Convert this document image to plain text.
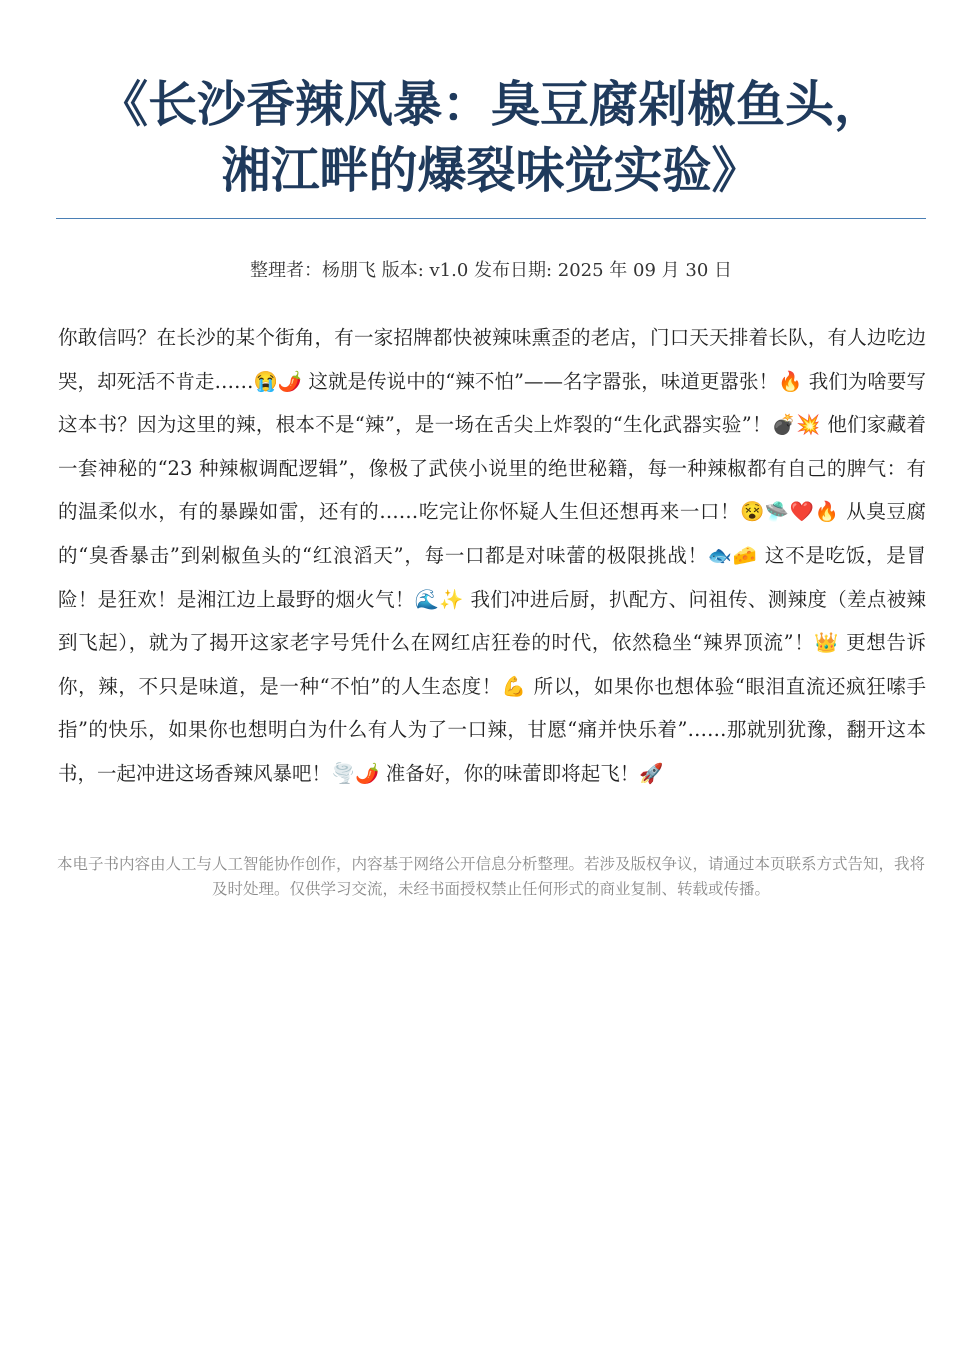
《长沙香辣风暴：臭豆腐剁椒鱼头，
湘江畔的爆裂味觉实验》
整理者：杨朋飞 版本: v1.0 发布日期: 2025 年 09 月 30 日

你敢信吗？在长沙的某个街角，有一家招牌都快被辣味熏歪的老店，门口天天排着长队，有人边吃边哭，却死活不肯走……😭🌶️ 这就是传说中的“辣不怕”——名字嚣张，味道更嚣张！🔥 我们为啥要写这本书？因为这里的辣，根本不是“辣”，是一场在舌尖上炸裂的“生化武器实验”！💣💥 他们家藏着一套神秘的“23 种辣椒调配逻辑”，像极了武侠小说里的绝世秘籍，每一种辣椒都有自己的脾气：有的温柔似水，有的暴躁如雷，还有的……吃完让你怀疑人生但还想再来一口！😵🛸❤️🔥 从臭豆腐的“臭香暴击”到剁椒鱼头的“红浪滔天”，每一口都是对味蕾的极限挑战！🐟🧀 这不是吃饭，是冒险！是狂欢！是湘江边上最野的烟火气！🌊✨ 我们冲进后厨，扒配方、问祖传、测辣度（差点被辣到飞起），就为了揭开这家老字号凭什么在网红店狂卷的时代，依然稳坐“辣界顶流”！👑 更想告诉你，辣，不只是味道，是一种“不怕”的人生态度！💪 所以，如果你也想体验“眼泪直流还疯狂嗦手指”的快乐，如果你也想明白为什么有人为了一口辣，甘愿“痛并快乐着”……那就别犹豫，翻开这本书，一起冲进这场香辣风暴吧！🌪️🌶️ 准备好，你的味蕾即将起飞！🚀

本电子书内容由人工与人工智能协作创作，内容基于网络公开信息分析整理。若涉及版权争议，请通过本页联系方式告知，我将及时处理。仅供学习交流，未经书面授权禁止任何形式的商业复制、转载或传播。
